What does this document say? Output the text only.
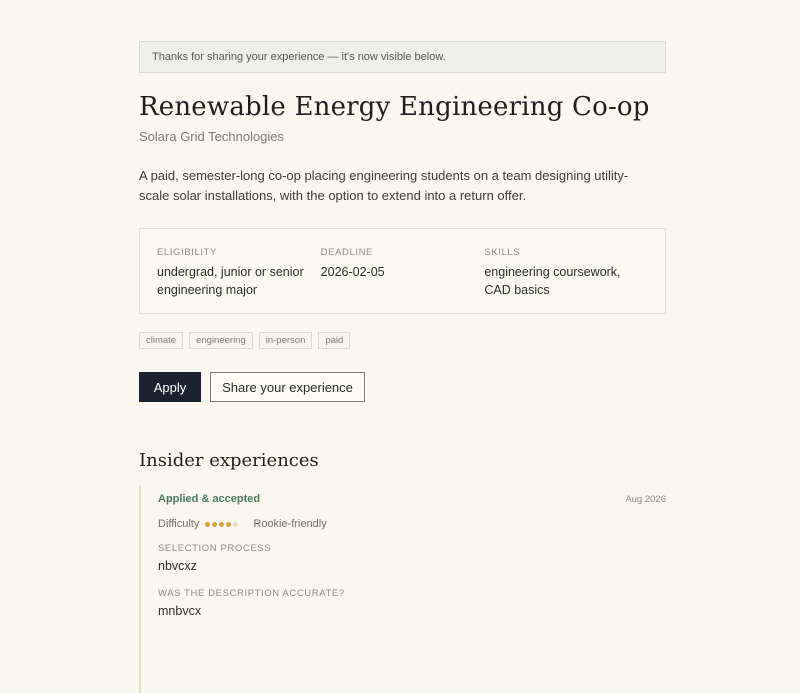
Thanks for sharing your experience — it's now visible below.
Renewable Energy Engineering Co-op
Solara Grid Technologies

A paid, semester-long co-op placing engineering students on a team designing utility-scale solar installations, with the option to extend into a return offer.

ELIGIBILITY
undergrad, junior or senior engineering major
DEADLINE
2026-02-05
SKILLS
engineering coursework, CAD basics
climate	engineering	in-person	paid
Apply	Share your experience
Insider experiences
Applied & accepted	Aug 2026
Difficulty	Rookie-friendly
SELECTION PROCESS
nbvcxz
WAS THE DESCRIPTION ACCURATE?
mnbvcx
